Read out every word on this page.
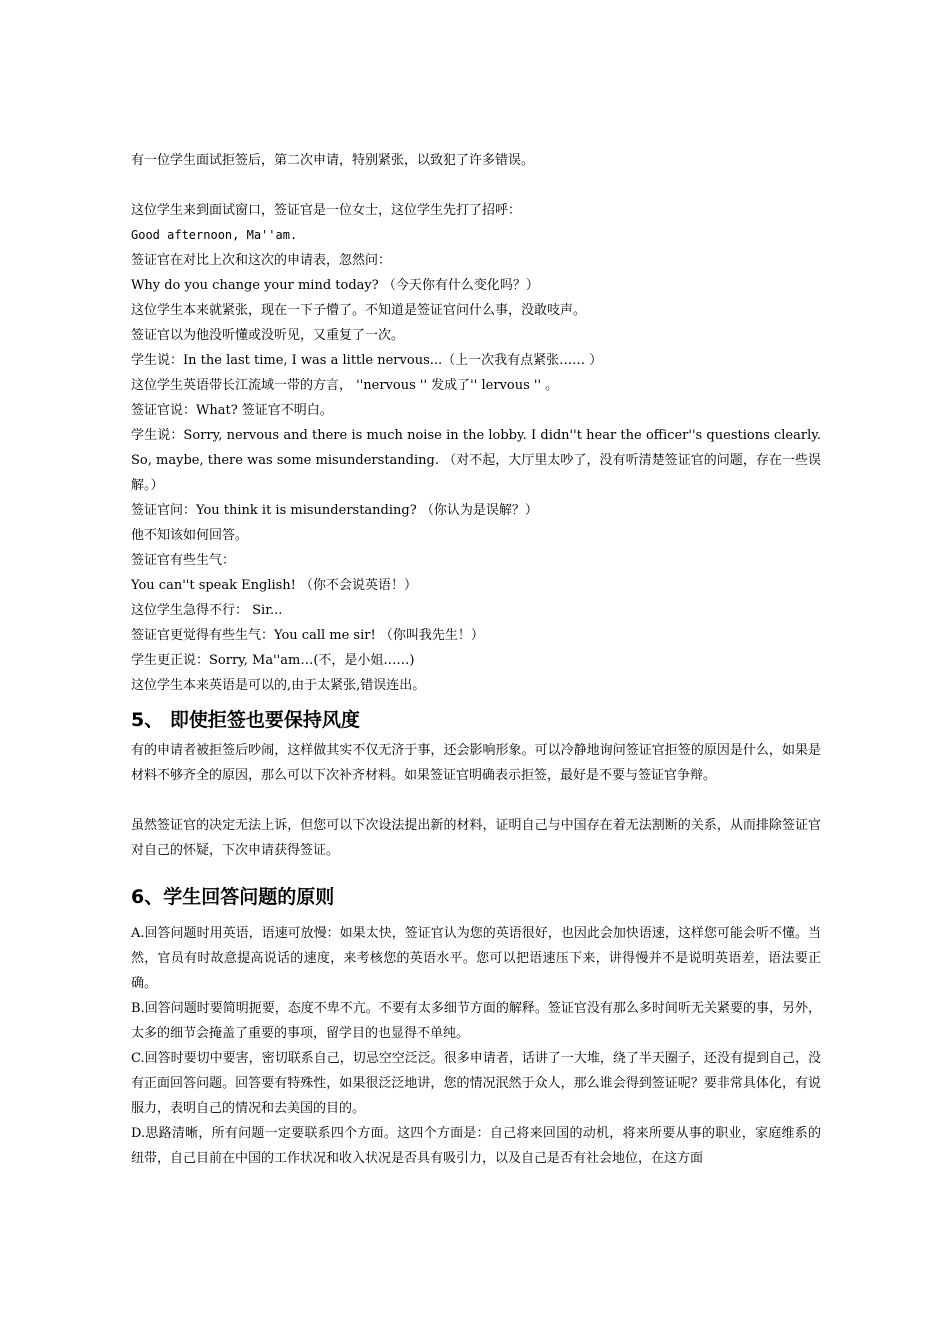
有一位学生面试拒签后，第二次申请，特别紧张，以致犯了许多错误。
这位学生来到面试窗口，签证官是一位女士，这位学生先打了招呼：
Good afternoon, Ma''am.
签证官在对比上次和这次的申请表，忽然问：
Why do you change your mind today? （今天你有什么变化吗？）
这位学生本来就紧张，现在一下子懵了。不知道是签证官问什么事，没敢吱声。
签证官以为他没听懂或没听见，又重复了一次。
学生说：In the last time, I was a little nervous...（上一次我有点紧张…… ）
这位学生英语带长江流域一带的方言， ''nervous '' 发成了'' lervous '' 。
签证官说：What? 签证官不明白。

学生说：Sorry, nervous and there is much noise in the lobby. I didn''t hear the officer''s questions clearly. So, maybe, there was some misunderstanding. （对不起，大厅里太吵了，没有听清楚签证官的问题，存在一些误解。）

签证官问：You think it is misunderstanding? （你认为是误解？）
他不知该如何回答。
签证官有些生气：
You can''t speak English! （你不会说英语！）
这位学生急得不行： Sir...
签证官更觉得有些生气：You call me sir! （你叫我先生！）
学生更正说：Sorry, Ma''am…(不，是小姐……)
这位学生本来英语是可以的,由于太紧张,错误连出。
5、 即使拒签也要保持风度

有的申请者被拒签后吵闹，这样做其实不仅无济于事，还会影响形象。可以冷静地询问签证官拒签的原因是什么，如果是材料不够齐全的原因，那么可以下次补齐材料。如果签证官明确表示拒签，最好是不要与签证官争辩。

虽然签证官的决定无法上诉，但您可以下次设法提出新的材料，证明自己与中国存在着无法割断的关系，从而排除签证官对自己的怀疑，下次申请获得签证。

6、学生回答问题的原则

A.回答问题时用英语，语速可放慢：如果太快，签证官认为您的英语很好，也因此会加快语速，这样您可能会听不懂。当然，官员有时故意提高说话的速度，来考核您的英语水平。您可以把语速压下来，讲得慢并不是说明英语差，语法要正确。

B.回答问题时要简明扼要，态度不卑不亢。不要有太多细节方面的解释。签证官没有那么多时间听无关紧要的事，另外，太多的细节会掩盖了重要的事项，留学目的也显得不单纯。

C.回答时要切中要害，密切联系自己，切忌空空泛泛。很多申请者，话讲了一大堆，绕了半天圈子，还没有提到自己，没有正面回答问题。回答要有特殊性，如果很泛泛地讲，您的情况泯然于众人，那么谁会得到签证呢？要非常具体化，有说服力，表明自己的情况和去美国的目的。

D.思路清晰，所有问题一定要联系四个方面。这四个方面是：自己将来回国的动机，将来所要从事的职业，家庭维系的纽带，自己目前在中国的工作状况和收入状况是否具有吸引力，以及自己是否有社会地位，在这方面
